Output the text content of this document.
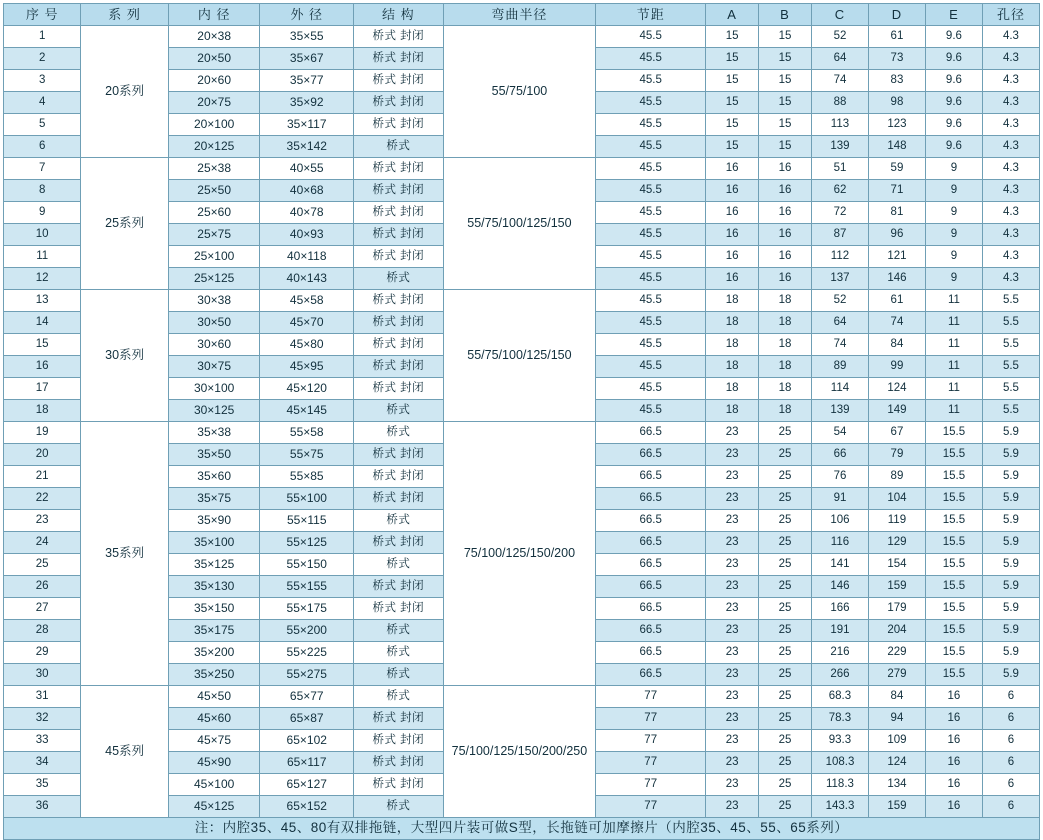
序 号	系 列	内 径	外 径	结 构	弯曲半径	节距	A	B	C	D	E	孔径
1	20系列	20×38	35×55	桥式 封闭	55/75/100	45.5	15	15	52	61	9.6	4.3
2		20×50	35×67	桥式 封闭		45.5	15	15	64	73	9.6	4.3
3		20×60	35×77	桥式 封闭		45.5	15	15	74	83	9.6	4.3
4		20×75	35×92	桥式 封闭		45.5	15	15	88	98	9.6	4.3
5		20×100	35×117	桥式 封闭		45.5	15	15	113	123	9.6	4.3
6		20×125	35×142	桥式		45.5	15	15	139	148	9.6	4.3
7	25系列	25×38	40×55	桥式 封闭	55/75/100/125/150	45.5	16	16	51	59	9	4.3
8		25×50	40×68	桥式 封闭		45.5	16	16	62	71	9	4.3
9		25×60	40×78	桥式 封闭		45.5	16	16	72	81	9	4.3
10		25×75	40×93	桥式 封闭		45.5	16	16	87	96	9	4.3
11		25×100	40×118	桥式 封闭		45.5	16	16	112	121	9	4.3
12		25×125	40×143	桥式		45.5	16	16	137	146	9	4.3
13	30系列	30×38	45×58	桥式 封闭	55/75/100/125/150	45.5	18	18	52	61	11	5.5
14		30×50	45×70	桥式 封闭		45.5	18	18	64	74	11	5.5
15		30×60	45×80	桥式 封闭		45.5	18	18	74	84	11	5.5
16		30×75	45×95	桥式 封闭		45.5	18	18	89	99	11	5.5
17		30×100	45×120	桥式 封闭		45.5	18	18	114	124	11	5.5
18		30×125	45×145	桥式		45.5	18	18	139	149	11	5.5
19	35系列	35×38	55×58	桥式	75/100/125/150/200	66.5	23	25	54	67	15.5	5.9
20		35×50	55×75	桥式 封闭		66.5	23	25	66	79	15.5	5.9
21		35×60	55×85	桥式 封闭		66.5	23	25	76	89	15.5	5.9
22		35×75	55×100	桥式 封闭		66.5	23	25	91	104	15.5	5.9
23		35×90	55×115	桥式		66.5	23	25	106	119	15.5	5.9
24		35×100	55×125	桥式 封闭		66.5	23	25	116	129	15.5	5.9
25		35×125	55×150	桥式		66.5	23	25	141	154	15.5	5.9
26		35×130	55×155	桥式 封闭		66.5	23	25	146	159	15.5	5.9
27		35×150	55×175	桥式 封闭		66.5	23	25	166	179	15.5	5.9
28		35×175	55×200	桥式		66.5	23	25	191	204	15.5	5.9
29		35×200	55×225	桥式		66.5	23	25	216	229	15.5	5.9
30		35×250	55×275	桥式		66.5	23	25	266	279	15.5	5.9
31	45系列	45×50	65×77	桥式	75/100/125/150/200/250	77	23	25	68.3	84	16	6
32		45×60	65×87	桥式 封闭		77	23	25	78.3	94	16	6
33		45×75	65×102	桥式 封闭		77	23	25	93.3	109	16	6
34		45×90	65×117	桥式 封闭		77	23	25	108.3	124	16	6
35		45×100	65×127	桥式 封闭		77	23	25	118.3	134	16	6
36		45×125	65×152	桥式		77	23	25	143.3	159	16	6
注：内腔35、45、80有双排拖链，大型四片装可做S型，长拖链可加摩擦片（内腔35、45、55、65系列）												
